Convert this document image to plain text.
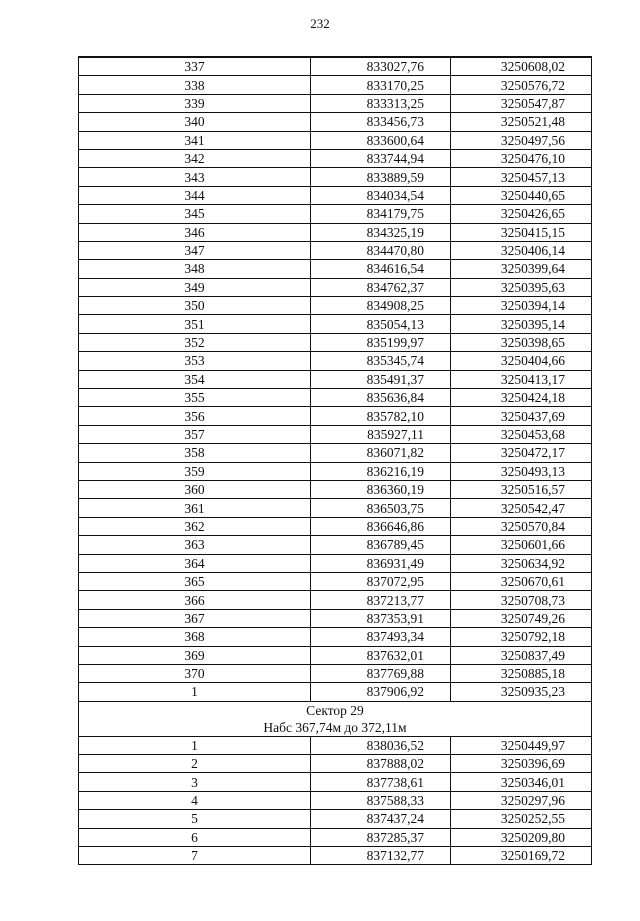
232
337	833027,76	3250608,02
338	833170,25	3250576,72
339	833313,25	3250547,87
340	833456,73	3250521,48
341	833600,64	3250497,56
342	833744,94	3250476,10
343	833889,59	3250457,13
344	834034,54	3250440,65
345	834179,75	3250426,65
346	834325,19	3250415,15
347	834470,80	3250406,14
348	834616,54	3250399,64
349	834762,37	3250395,63
350	834908,25	3250394,14
351	835054,13	3250395,14
352	835199,97	3250398,65
353	835345,74	3250404,66
354	835491,37	3250413,17
355	835636,84	3250424,18
356	835782,10	3250437,69
357	835927,11	3250453,68
358	836071,82	3250472,17
359	836216,19	3250493,13
360	836360,19	3250516,57
361	836503,75	3250542,47
362	836646,86	3250570,84
363	836789,45	3250601,66
364	836931,49	3250634,92
365	837072,95	3250670,61
366	837213,77	3250708,73
367	837353,91	3250749,26
368	837493,34	3250792,18
369	837632,01	3250837,49
370	837769,88	3250885,18
1	837906,92	3250935,23

Сектор 29
Набс 367,74м до 372,11м		

1	838036,52	3250449,97
2	837888,02	3250396,69
3	837738,61	3250346,01
4	837588,33	3250297,96
5	837437,24	3250252,55
6	837285,37	3250209,80
7	837132,77	3250169,72
